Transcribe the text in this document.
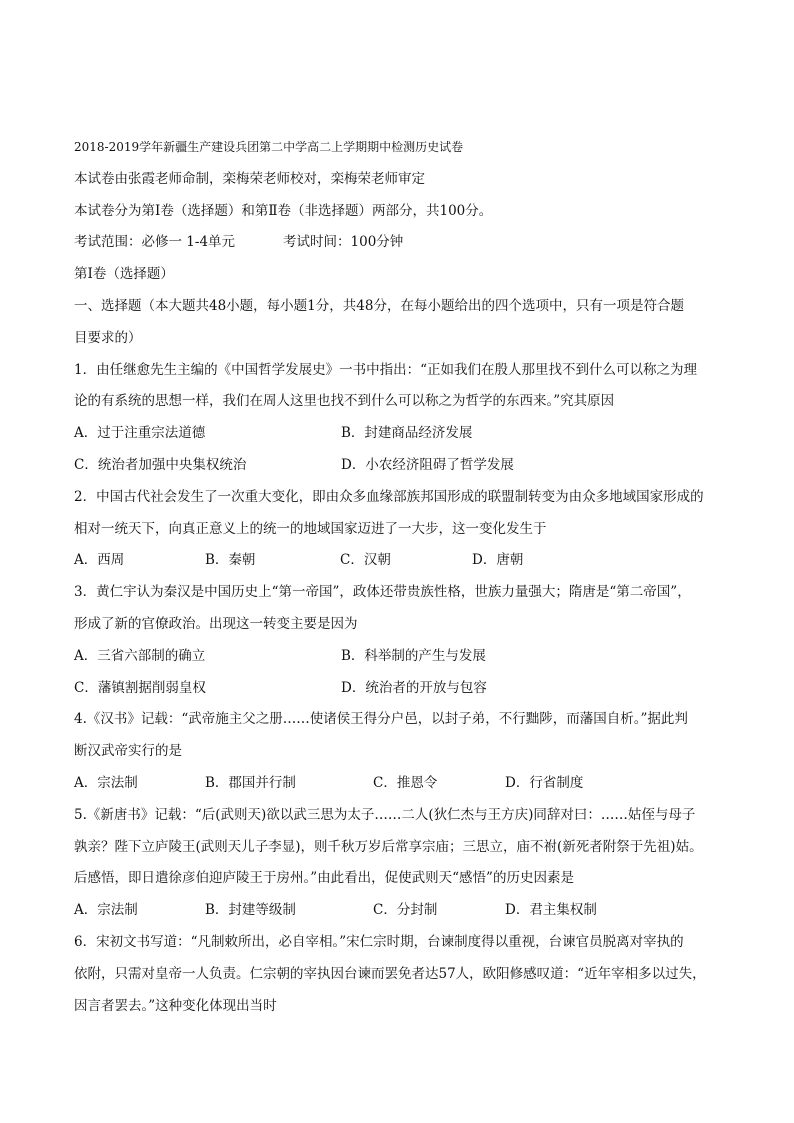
2018-2019学年新疆生产建设兵团第二中学高二上学期期中检测历史试卷
本试卷由张霞老师命制，栾梅荣老师校对，栾梅荣老师审定
本试卷分为第Ⅰ卷（选择题）和第Ⅱ卷（非选择题）两部分，共100分。
考试范围：必修一 1-4单元	考试时间：100分钟
第Ⅰ卷（选择题）
一、选择题（本大题共48小题，每小题1分，共48分，在每小题给出的四个选项中，只有一项是符合题
目要求的）
1．由任继愈先生主编的《中国哲学发展史》一书中指出：“正如我们在殷人那里找不到什么可以称之为理
论的有系统的思想一样，我们在周人这里也找不到什么可以称之为哲学的东西来。”究其原因
A．过于注重宗法道德	B．封建商品经济发展
C．统治者加强中央集权统治	D．小农经济阻碍了哲学发展
2．中国古代社会发生了一次重大变化，即由众多血缘部族邦国形成的联盟制转变为由众多地域国家形成的
相对一统天下，向真正意义上的统一的地域国家迈进了一大步，这一变化发生于
A．西周	B．秦朝	C．汉朝	D．唐朝
3．黄仁宇认为秦汉是中国历史上“第一帝国”，政体还带贵族性格，世族力量强大；隋唐是“第二帝国”，
形成了新的官僚政治。出现这一转变主要是因为
A．三省六部制的确立	B．科举制的产生与发展
C．藩镇割据削弱皇权	D．统治者的开放与包容
4.《汉书》记载：“武帝施主父之册……使诸侯王得分户邑，以封子弟，不行黜陟，而藩国自析。”据此判
断汉武帝实行的是
A．宗法制	B．郡国并行制	C．推恩令	D．行省制度
5.《新唐书》记载：“后(武则天)欲以武三思为太子……二人(狄仁杰与王方庆)同辞对曰：……姑侄与母子
孰亲？陛下立庐陵王(武则天儿子李显)，则千秋万岁后常享宗庙；三思立，庙不祔(新死者附祭于先祖)姑。
后感悟，即日遣徐彦伯迎庐陵王于房州。”由此看出，促使武则天“感悟”的历史因素是
A．宗法制	B．封建等级制	C．分封制	D．君主集权制
6．宋初文书写道：“凡制敕所出，必自宰相。”宋仁宗时期，台谏制度得以重视，台谏官员脱离对宰执的
依附，只需对皇帝一人负责。仁宗朝的宰执因台谏而罢免者达57人，欧阳修感叹道：“近年宰相多以过失，
因言者罢去。”这种变化体现出当时
